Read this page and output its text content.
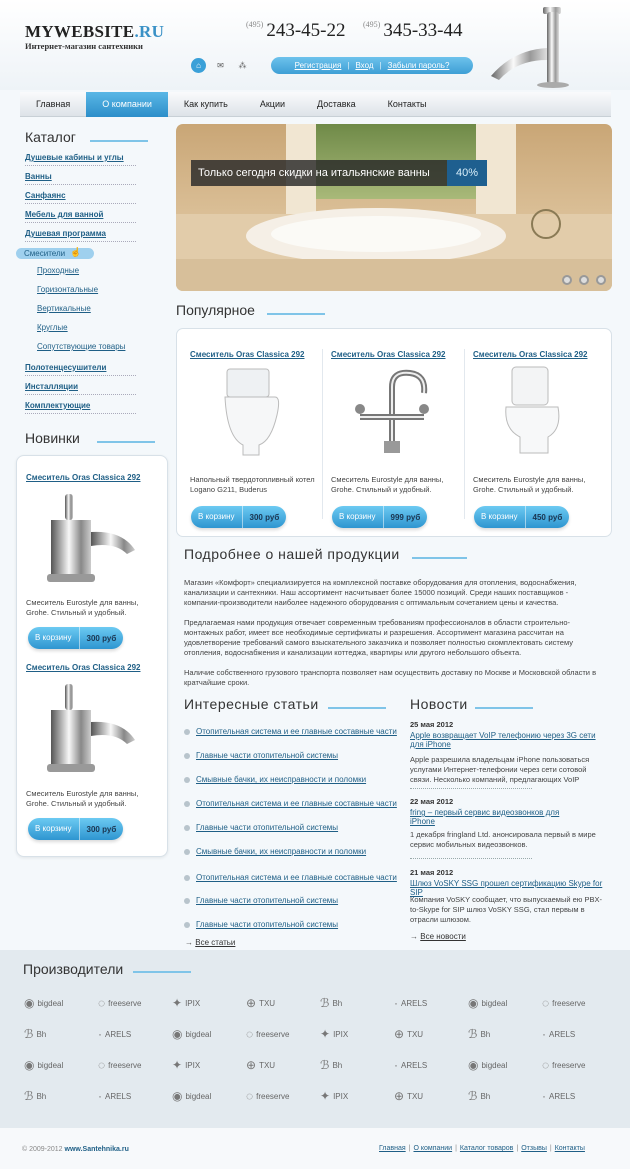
MYWEBSITE.RU
Интернет-магазин сантехники
$^{(495)}$ 243-45-22 $^{(495)}$ 345-33-44
⌂	✉	⁂	Регистрация | Вход | Забыли пароль?
Главная	О компании	Как купить	Акции	Доставка	Контакты
Каталог
Душевые кабины и углы
Ванны
Санфаянс
Мебель для ванной
Душевая программа
Смесители ☝
Проходные
Горизонтальные
Вертикальные
Круглые
Сопутствующие товары
Полотенцесушители
Инсталляции
Комплектующие
Новинки
Смеситель Oras Classica 292
Смеситель Eurostyle для ванны, Grohe. Стильный и удобный.
В корзину	300 руб
Смеситель Oras Classica 292
Смеситель Eurostyle для ванны, Grohe. Стильный и удобный.
В корзину	300 руб
Только сегодня скидки на итальянские ванны	40%
Популярное
Смеситель Oras Classica 292
Напольный твердотопливный котел Logano G211, Buderus
В корзину	300 руб
Смеситель Oras Classica 292
Смеситель Eurostyle для ванны, Grohe. Стильный и удобный.
В корзину	999 руб
Смеситель Oras Classica 292
Смеситель Eurostyle для ванны, Grohe. Стильный и удобный.
В корзину	450 руб
Подробнее о нашей продукции
Магазин «Комфорт» специализируется на комплексной поставке оборудования для отопления, водоснабжения, канализации и сантехники. Наш ассортимент насчитывает более 15000 позиций. Среди наших поставщиков - компании-производители наиболее надежного оборудования с оптимальным сочетанием цены и качества.
Предлагаемая нами продукция отвечает современным требованиям профессионалов в области строительно-монтажных работ, имеет все необходимые сертификаты и разрешения. Ассортимент магазина рассчитан на удовлетворение требований самого взыскательного заказчика и позволяет полностью скомплектовать систему отопления, водоснабжения и канализации коттеджа, квартиры или другого небольшого объекта.
Наличие собственного грузового транспорта позволяет нам осуществить доставку по Москве и Московской области в кратчайшие сроки.
Интересные статьи
Отопительная система и ее главные составные части
Главные части отопительной системы
Смывные бачки, их неисправности и поломки
Отопительная система и ее главные составные части
Главные части отопительной системы
Смывные бачки, их неисправности и поломки
Отопительная система и ее главные составные части
Главные части отопительной системы
Главные части отопительной системы
→ Все статьи
Новости
25 мая 2012
Apple возвращает VoIP телефонию через 3G сети для iPhone
Apple разрешила владельцам iPhone пользоваться услугами Интернет-телефонии через сети сотовой связи. Несколько компаний, предлагающих VoIP
22 мая 2012
fring – первый сервис видеозвонков для iPhone
1 декабря fringland Ltd. анонсировала первый в мире сервис мобильных видеозвонков.
21 мая 2012
Шлюз VoSKY SSG прошел сертификацию Skype for SIP
Компания VoSKY сообщает, что выпускаемый ею PBX-to-Skype for SIP шлюз VoSKY SSG, стал первым в отрасли шлюзом.
→ Все новости
Производители
◉ bigdeal	◌ freeserve	✦ IPIX	⊕ TXU	ℬ Bh	· ARELS	◉ bigdeal	◌ freeserve
ℬ Bh	· ARELS	◉ bigdeal	◌ freeserve	✦ IPIX	⊕ TXU	ℬ Bh	· ARELS
◉ bigdeal	◌ freeserve	✦ IPIX	⊕ TXU	ℬ Bh	· ARELS	◉ bigdeal	◌ freeserve
ℬ Bh	· ARELS	◉ bigdeal	◌ freeserve	✦ IPIX	⊕ TXU	ℬ Bh	· ARELS
© 2009-2012 www.Santehnika.ru	Главная | О компании | Каталог товаров | Отзывы | Контакты
